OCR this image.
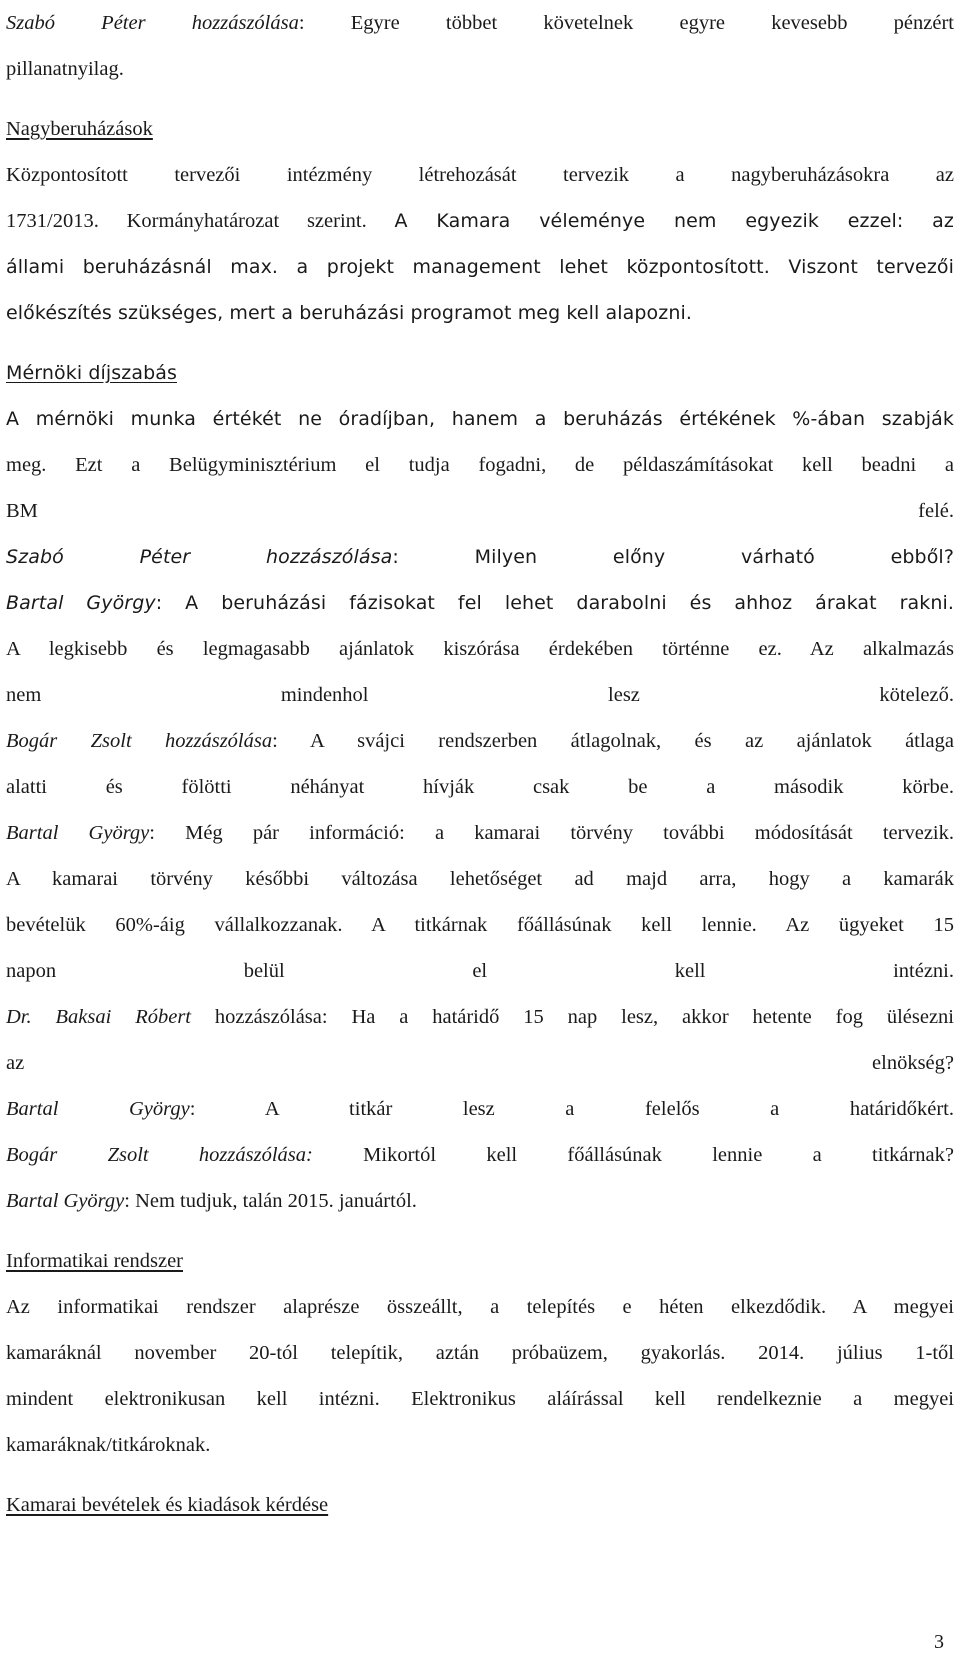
Szabó Péter hozzászólása: Egyre többet követelnek egyre kevesebb pénzért
pillanatnyilag.
Nagyberuházások
Központosított tervezői intézmény létrehozását tervezik a nagyberuházásokra az
1731/2013. Kormányhatározat szerint. A Kamara véleménye nem egyezik ezzel: az
állami beruházásnál max. a projekt management lehet központosított. Viszont tervezői
előkészítés szükséges, mert a beruházási programot meg kell alapozni.
Mérnöki díjszabás
A mérnöki munka értékét ne óradíjban, hanem a beruházás értékének %-ában szabják
meg. Ezt a Belügyminisztérium el tudja fogadni, de példaszámításokat kell beadni a
BM felé.
Szabó Péter hozzászólása: Milyen előny várható ebből?
Bartal György: A beruházási fázisokat fel lehet darabolni és ahhoz árakat rakni.
A legkisebb és legmagasabb ajánlatok kiszórása érdekében történne ez. Az alkalmazás
nem mindenhol lesz kötelező.
Bogár Zsolt hozzászólása: A svájci rendszerben átlagolnak, és az ajánlatok átlaga
alatti és fölötti néhányat hívják csak be a második körbe.
Bartal György: Még pár információ: a kamarai törvény további módosítását tervezik.
A kamarai törvény későbbi változása lehetőséget ad majd arra, hogy a kamarák
bevételük 60%-áig vállalkozzanak. A titkárnak főállásúnak kell lennie. Az ügyeket 15
napon belül el kell intézni.
Dr. Baksai Róbert hozzászólása: Ha a határidő 15 nap lesz, akkor hetente fog ülésezni
az elnökség?
Bartal György: A titkár lesz a felelős a határidőkért.
Bogár Zsolt hozzászólása: Mikortól kell főállásúnak lennie a titkárnak?
Bartal György: Nem tudjuk, talán 2015. januártól.
Informatikai rendszer
Az informatikai rendszer alaprésze összeállt, a telepítés e héten elkezdődik. A megyei
kamaráknál november 20-tól telepítik, aztán próbaüzem, gyakorlás. 2014. július 1-től
mindent elektronikusan kell intézni. Elektronikus aláírással kell rendelkeznie a megyei
kamaráknak/titkároknak.
Kamarai bevételek és kiadások kérdése
3
